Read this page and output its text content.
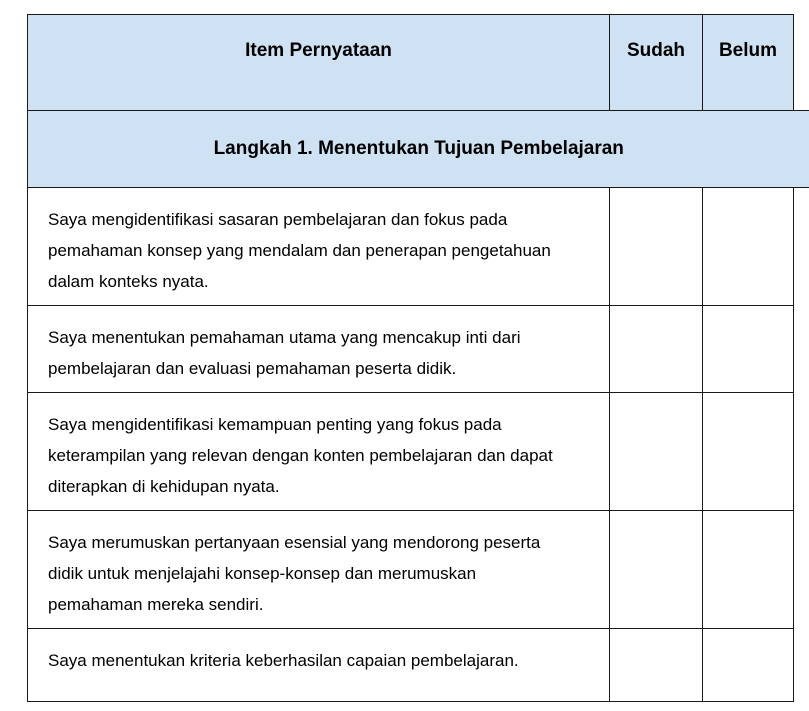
Item Pernyataan	Sudah	Belum	
Langkah 1. Menentukan Tujuan Pembelajaran			

Saya mengidentifikasi sasaran pembelajaran dan fokus pada
pemahaman konsep yang mendalam dan penerapan pengetahuan
dalam konteks nyata.			

Saya menentukan pemahaman utama yang mencakup inti dari
pembelajaran dan evaluasi pemahaman peserta didik.			

Saya mengidentifikasi kemampuan penting yang fokus pada
keterampilan yang relevan dengan konten pembelajaran dan dapat
diterapkan di kehidupan nyata.			

Saya merumuskan pertanyaan esensial yang mendorong peserta
didik untuk menjelajahi konsep-konsep dan merumuskan
pemahaman mereka sendiri.			

Saya menentukan kriteria keberhasilan capaian pembelajaran.			
